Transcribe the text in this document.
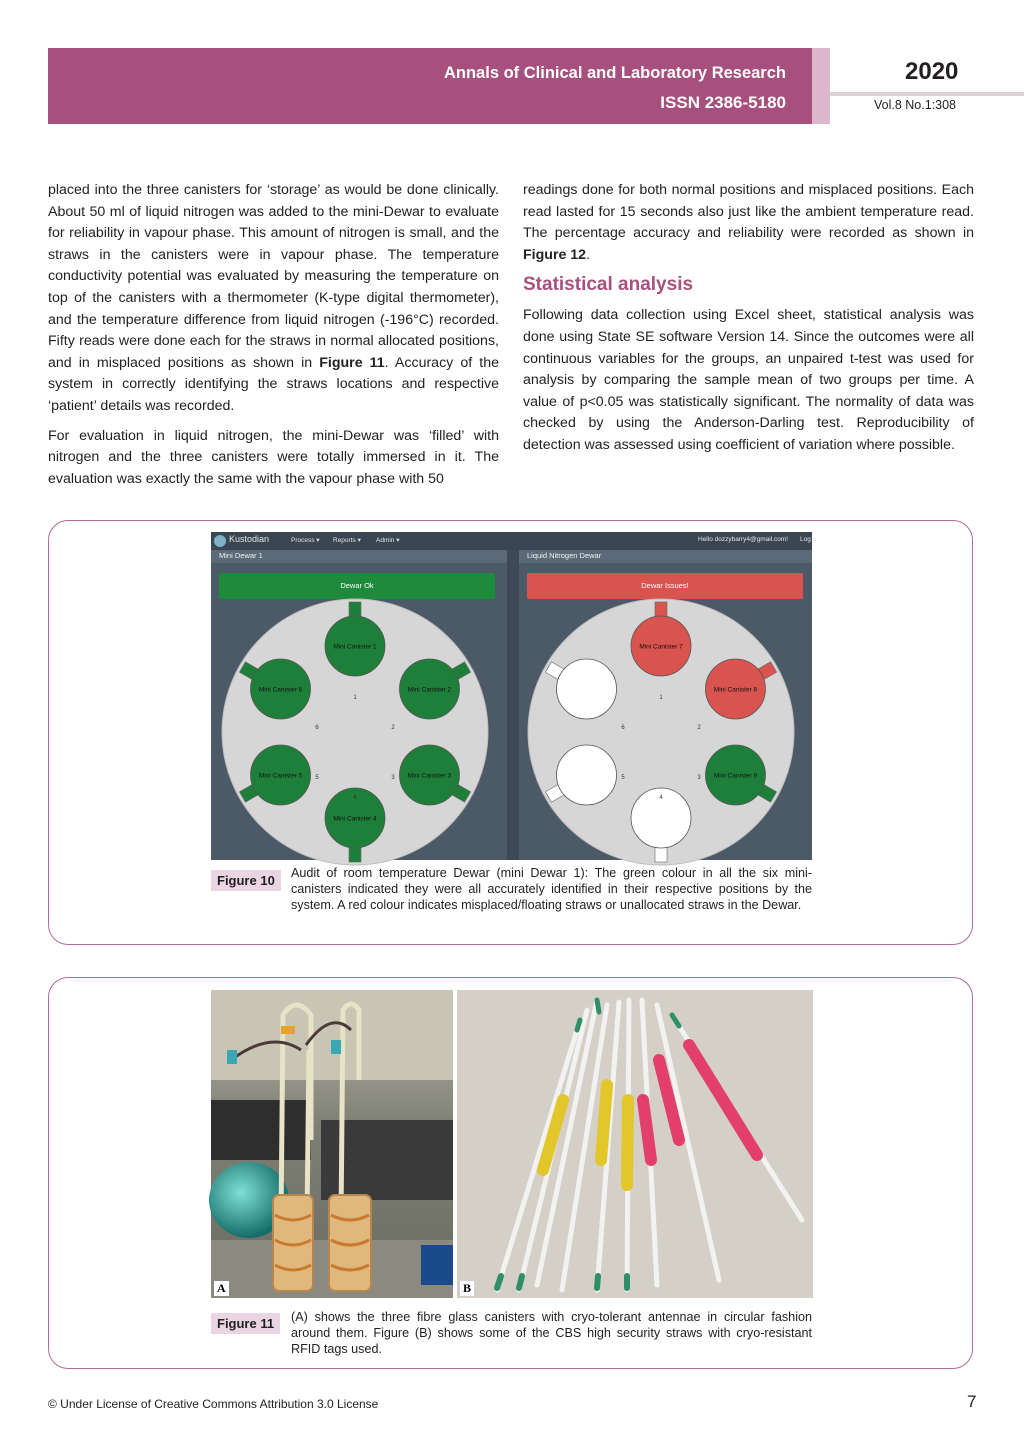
Annals of Clinical and Laboratory Research
ISSN 2386-5180
2020
Vol.8 No.1:308

placed into the three canisters for ‘storage’ as would be done clinically. About 50 ml of liquid nitrogen was added to the mini-Dewar to evaluate for reliability in vapour phase. This amount of nitrogen is small, and the straws in the canisters were in vapour phase. The temperature conductivity potential was evaluated by measuring the temperature on top of the canisters with a thermometer (K-type digital thermometer), and the temperature difference from liquid nitrogen (-196°C) recorded. Fifty reads were done each for the straws in normal allocated positions, and in misplaced positions as shown in Figure 11. Accuracy of the system in correctly identifying the straws locations and respective ‘patient’ details was recorded.

For evaluation in liquid nitrogen, the mini-Dewar was ‘filled’ with nitrogen and the three canisters were totally immersed in it. The evaluation was exactly the same with the vapour phase with 50

readings done for both normal positions and misplaced positions. Each read lasted for 15 seconds also just like the ambient temperature read. The percentage accuracy and reliability were recorded as shown in Figure 12.

Statistical analysis

Following data collection using Excel sheet, statistical analysis was done using State SE software Version 14. Since the outcomes were all continuous variables for the groups, an unpaired t-test was used for analysis by comparing the sample mean of two groups per time. A value of p<0.05 was statistically significant. The normality of data was checked by using the Anderson-Darling test. Reproducibility of detection was assessed using coefficient of variation where possible.

Kustodian	Process ▾ Reports ▾ Admin ▾	Hello dozzybarry4@gmail.com! Log o
Mini Dewar 1	Liquid Nitrogen Dewar
Dewar Ok	Dewar Issues!
Mini Canister 1
Mini Canister 2
Mini Canister 3
Mini Canister 4
Mini Canister 5
Mini Canister 6
1
2
3
4
5
6
Mini Canister 7
Mini Canister 8
Mini Canister 9
1
2
3
4
5
6
Figure 10	Audit of room temperature Dewar (mini Dewar 1): The green colour in all the six mini-canisters indicated they were all accurately identified in their respective positions by the system. A red colour indicates misplaced/floating straws or unallocated straws in the Dewar.
A	B
Figure 11	(A) shows the three fibre glass canisters with cryo-tolerant antennae in circular fashion around them. Figure (B) shows some of the CBS high security straws with cryo-resistant RFID tags used.
© Under License of Creative Commons Attribution 3.0 License	7
